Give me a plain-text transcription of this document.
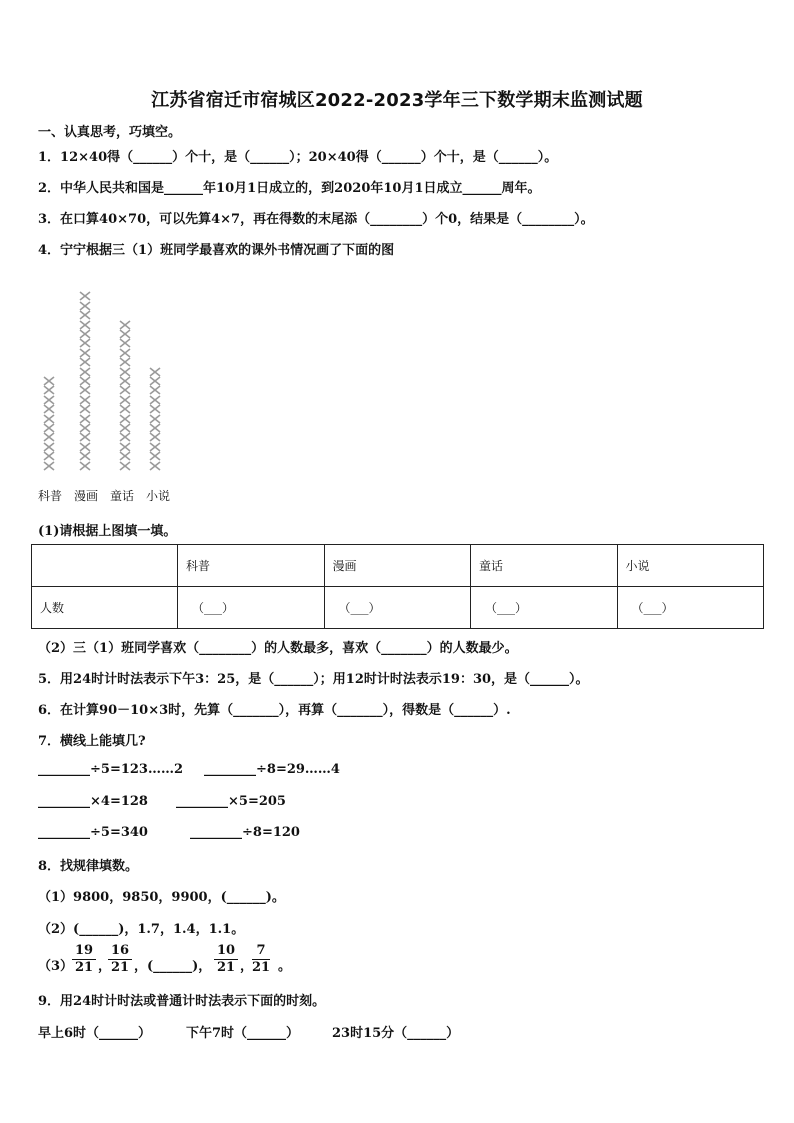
江苏省宿迁市宿城区2022-2023学年三下数学期末监测试题
一、认真思考，巧填空。
1．12×40得（______）个十，是（______）；20×40得（______）个十，是（______）。
2．中华人民共和国是______年10月1日成立的，到2020年10月1日成立______周年。
3．在口算40×70，可以先算4×7，再在得数的末尾添（________）个0，结果是（________）。
4．宁宁根据三（1）班同学最喜欢的课外书情况画了下面的图
科普 漫画 童话 小说
(1)请根据上图填一填。
	科普	漫画	童话	小说
人数	（___）	（___）	（___）	（___）
（2）三（1）班同学喜欢（________）的人数最多，喜欢（_______）的人数最少。
5．用24时计时法表示下午3：25，是（______）；用12时计时法表示19：30，是（______）。
6．在计算90－10×3时，先算（_______），再算（_______），得数是（______）.
7．横线上能填几?
________÷5=123……2 ________÷8=29……4
________×4=128 ________×5=205
________÷5=340	________÷8=120
8．找规律填数。
（1）9800，9850，9900，(______)。
（2）(______)，1.7，1.4，1.1。
（3）
$\frac{19}{21}$ ，
$\frac{16}{21}$ ，(______)， $\frac{10}{21}$ ，
$\frac{7}{21}$ 。
9．用24时计时法或普通计时法表示下面的时刻。
早上6时（______）	下午7时（______）	23时15分（______）
